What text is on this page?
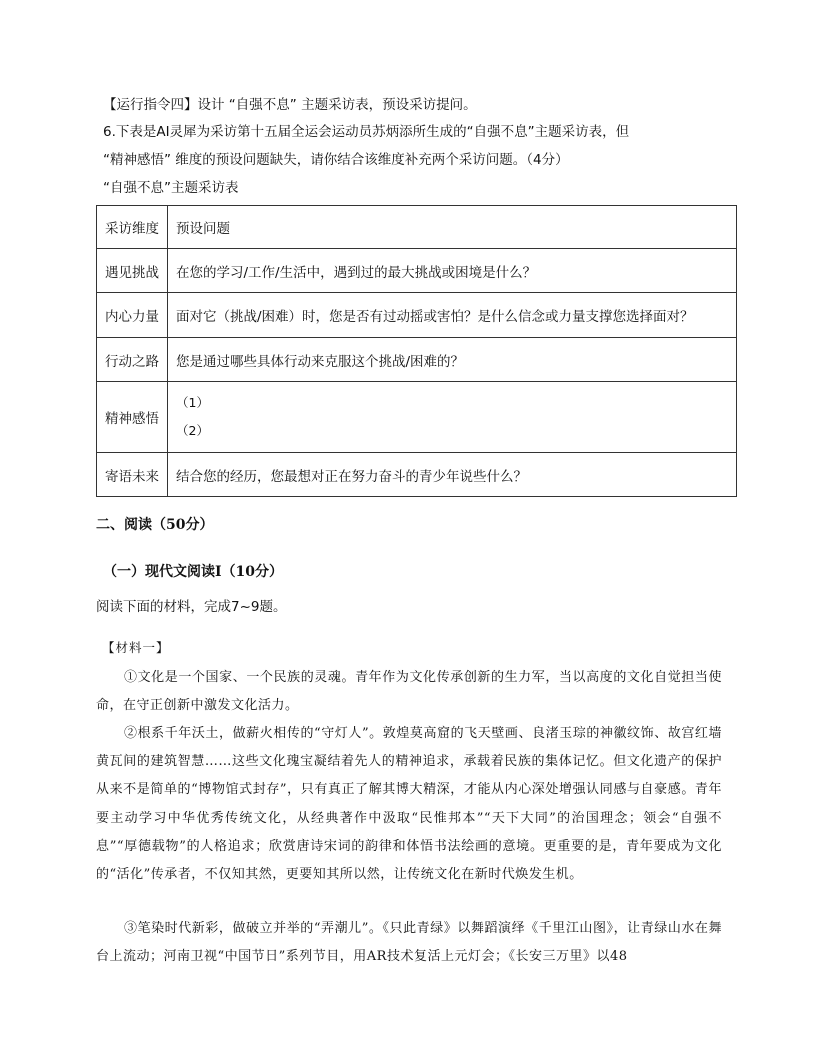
【运行指令四】设计 “自强不息” 主题采访表，预设采访提问。
6.下表是AI灵犀为采访第十五届全运会运动员苏炳添所生成的“自强不息”主题采访表，但
“精神感悟” 维度的预设问题缺失，请你结合该维度补充两个采访问题。（4分）
“自强不息”主题采访表
采访维度	预设问题
遇见挑战	在您的学习/工作/生活中，遇到过的最大挑战或困境是什么？
内心力量	面对它（挑战/困难）时，您是否有过动摇或害怕？是什么信念或力量支撑您选择面对？
行动之路	您是通过哪些具体行动来克服这个挑战/困难的？
精神感悟	（1）
（2）

寄语未来	结合您的经历，您最想对正在努力奋斗的青少年说些什么？
二、阅读（50分）
（一）现代文阅读Ⅰ（10分）
阅读下面的材料，完成7~9题。
【材料一】

①文化是一个国家、一个民族的灵魂。青年作为文化传承创新的生力军，当以高度的文化自觉担当使命，在守正创新中激发文化活力。

②根系千年沃土，做薪火相传的“守灯人”。敦煌莫高窟的飞天壁画、良渚玉琮的神徽纹饰、故宫红墙黄瓦间的建筑智慧……这些文化瑰宝凝结着先人的精神追求，承载着民族的集体记忆。但文化遗产的保护从来不是简单的“博物馆式封存”，只有真正了解其博大精深，才能从内心深处增强认同感与自豪感。青年要主动学习中华优秀传统文化，从经典著作中汲取“民惟邦本”“天下大同”的治国理念；领会“自强不息”“厚德载物”的人格追求；欣赏唐诗宋词的韵律和体悟书法绘画的意境。更重要的是，青年要成为文化的“活化”传承者，不仅知其然，更要知其所以然，让传统文化在新时代焕发生机。

③笔染时代新彩，做破立并举的“弄潮儿”。《只此青绿》以舞蹈演绎《千里江山图》，让青绿山水在舞台上流动；河南卫视“中国节日”系列节目，用AR技术复活上元灯会；《长安三万里》以48
